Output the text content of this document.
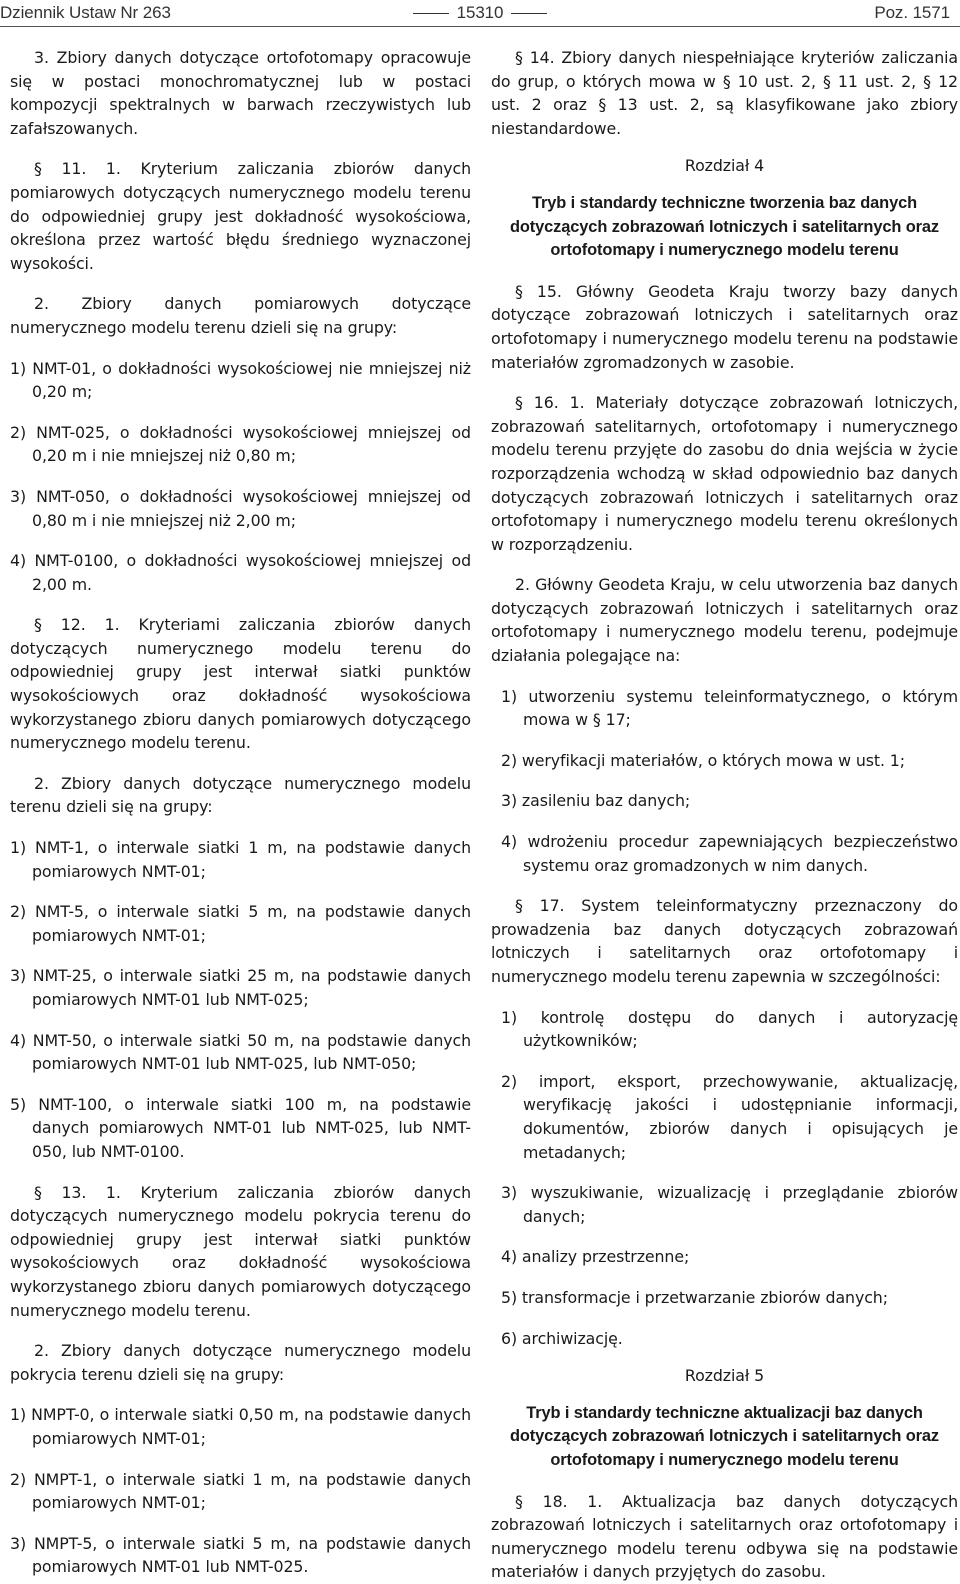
Dziennik Ustaw Nr 263	15310	Poz. 1571

3. Zbiory danych dotyczące ortofotomapy opracowuje się w postaci monochromatycznej lub w postaci kompozycji spektralnych w barwach rzeczywistych lub zafałszowanych.

§ 11. 1. Kryterium zaliczania zbiorów danych pomiarowych dotyczących numerycznego modelu terenu do odpowiedniej grupy jest dokładność wysokościowa, określona przez wartość błędu średniego wyznaczonej wysokości.

2. Zbiory danych pomiarowych dotyczące numerycznego modelu terenu dzieli się na grupy:

1) NMT-01, o dokładności wysokościowej nie mniejszej niż 0,20 m;

2) NMT-025, o dokładności wysokościowej mniejszej od 0,20 m i nie mniejszej niż 0,80 m;

3) NMT-050, o dokładności wysokościowej mniejszej od 0,80 m i nie mniejszej niż 2,00 m;

4) NMT-0100, o dokładności wysokościowej mniejszej od 2,00 m.

§ 12. 1. Kryteriami zaliczania zbiorów danych dotyczących numerycznego modelu terenu do odpowiedniej grupy jest interwał siatki punktów wysokościowych oraz dokładność wysokościowa wykorzystanego zbioru danych pomiarowych dotyczącego numerycznego modelu terenu.

2. Zbiory danych dotyczące numerycznego modelu terenu dzieli się na grupy:

1) NMT-1, o interwale siatki 1 m, na podstawie danych pomiarowych NMT-01;

2) NMT-5, o interwale siatki 5 m, na podstawie danych pomiarowych NMT-01;

3) NMT-25, o interwale siatki 25 m, na podstawie danych pomiarowych NMT-01 lub NMT-025;

4) NMT-50, o interwale siatki 50 m, na podstawie danych pomiarowych NMT-01 lub NMT-025, lub NMT-050;

5) NMT-100, o interwale siatki 100 m, na podstawie danych pomiarowych NMT-01 lub NMT-025, lub NMT-050, lub NMT-0100.

§ 13. 1. Kryterium zaliczania zbiorów danych dotyczących numerycznego modelu pokrycia terenu do odpowiedniej grupy jest interwał siatki punktów wysokościowych oraz dokładność wysokościowa wykorzystanego zbioru danych pomiarowych dotyczącego numerycznego modelu terenu.

2. Zbiory danych dotyczące numerycznego modelu pokrycia terenu dzieli się na grupy:

1) NMPT-0, o interwale siatki 0,50 m, na podstawie danych pomiarowych NMT-01;

2) NMPT-1, o interwale siatki 1 m, na podstawie danych pomiarowych NMT-01;

3) NMPT-5, o interwale siatki 5 m, na podstawie danych pomiarowych NMT-01 lub NMT-025.

§ 14. Zbiory danych niespełniające kryteriów zaliczania do grup, o których mowa w § 10 ust. 2, § 11 ust. 2, § 12 ust. 2 oraz § 13 ust. 2, są klasyfikowane jako zbiory niestandardowe.

Rozdział 4

Tryb i standardy techniczne tworzenia baz danych dotyczących zobrazowań lotniczych i satelitarnych oraz ortofotomapy i numerycznego modelu terenu

§ 15. Główny Geodeta Kraju tworzy bazy danych dotyczące zobrazowań lotniczych i satelitarnych oraz ortofotomapy i numerycznego modelu terenu na podstawie materiałów zgromadzonych w zasobie.

§ 16. 1. Materiały dotyczące zobrazowań lotniczych, zobrazowań satelitarnych, ortofotomapy i numerycznego modelu terenu przyjęte do zasobu do dnia wejścia w życie rozporządzenia wchodzą w skład odpowiednio baz danych dotyczących zobrazowań lotniczych i satelitarnych oraz ortofotomapy i numerycznego modelu terenu określonych w rozporządzeniu.

2. Główny Geodeta Kraju, w celu utworzenia baz danych dotyczących zobrazowań lotniczych i satelitarnych oraz ortofotomapy i numerycznego modelu terenu, podejmuje działania polegające na:

1) utworzeniu systemu teleinformatycznego, o którym mowa w § 17;

2) weryfikacji materiałów, o których mowa w ust. 1;

3) zasileniu baz danych;

4) wdrożeniu procedur zapewniających bezpieczeństwo systemu oraz gromadzonych w nim danych.

§ 17. System teleinformatyczny przeznaczony do prowadzenia baz danych dotyczących zobrazowań lotniczych i satelitarnych oraz ortofotomapy i numerycznego modelu terenu zapewnia w szczególności:

1) kontrolę dostępu do danych i autoryzację użytkowników;

2) import, eksport, przechowywanie, aktualizację, weryfikację jakości i udostępnianie informacji, dokumentów, zbiorów danych i opisujących je metadanych;

3) wyszukiwanie, wizualizację i przeglądanie zbiorów danych;

4) analizy przestrzenne;

5) transformacje i przetwarzanie zbiorów danych;

6) archiwizację.

Rozdział 5

Tryb i standardy techniczne aktualizacji baz danych dotyczących zobrazowań lotniczych i satelitarnych oraz ortofotomapy i numerycznego modelu terenu

§ 18. 1. Aktualizacja baz danych dotyczących zobrazowań lotniczych i satelitarnych oraz ortofotomapy i numerycznego modelu terenu odbywa się na podstawie materiałów i danych przyjętych do zasobu.
